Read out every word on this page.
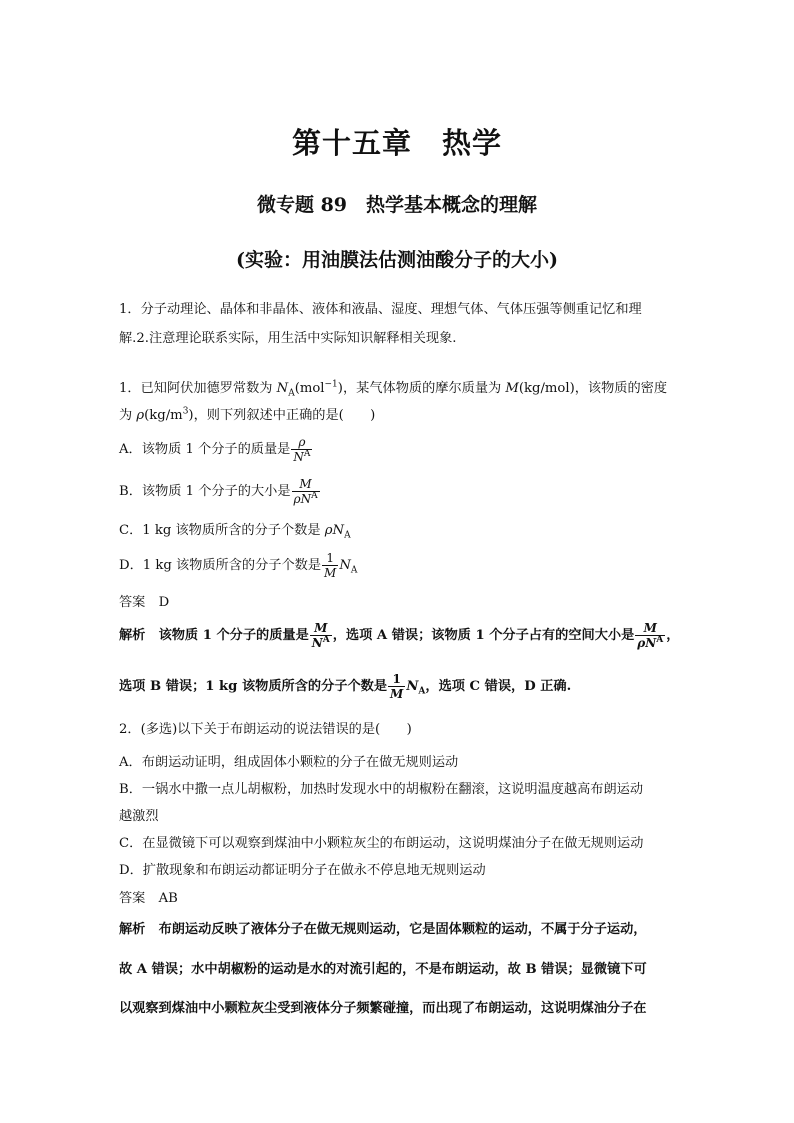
第十五章　热学
微专题 89　热学基本概念的理解
(实验：用油膜法估测油酸分子的大小)
1．分子动理论、晶体和非晶体、液体和液晶、湿度、理想气体、气体压强等侧重记忆和理
解.2.注意理论联系实际，用生活中实际知识解释相关现象.
1．已知阿伏加德罗常数为 $N_A(mol^{-1})$，某气体物质的摩尔质量为 M(kg/mol)，该物质的密度
为 $\rho(kg/m^3)$，则下列叙述中正确的是(　　)
A．该物质 1 个分子的质量是 $\frac{\rho}{N^A}$
B．该物质 1 个分子的大小是 $\frac{M}{\rho N^A}$
C．1 kg 该物质所含的分子个数是 $\rho N_A$
D．1 kg 该物质所含的分子个数是 $\frac{1}{M} N_A$
答案　 D
解析　 该物质 1 个分子的质量是 $\frac{M}{N^A}$ ，选项 A 错误；该物质 1 个分子占有的空间大小是 $\frac{M}{\rho N^A}$ ，
选项 B 错误；1 kg 该物质所含的分子个数是 $\frac{1}{M} N_A$，选项 C 错误，D 正确.
2．(多选)以下关于布朗运动的说法错误的是(　　)
A．布朗运动证明，组成固体小颗粒的分子在做无规则运动
B．一锅水中撒一点儿胡椒粉，加热时发现水中的胡椒粉在翻滚，这说明温度越高布朗运动
越激烈
C．在显微镜下可以观察到煤油中小颗粒灰尘的布朗运动，这说明煤油分子在做无规则运动
D．扩散现象和布朗运动都证明分子在做永不停息地无规则运动
答案　 AB
解析　 布朗运动反映了液体分子在做无规则运动，它是固体颗粒的运动，不属于分子运动，
故 A 错误；水中胡椒粉的运动是水的对流引起的，不是布朗运动，故 B 错误；显微镜下可
以观察到煤油中小颗粒灰尘受到液体分子频繁碰撞，而出现了布朗运动，这说明煤油分子在
